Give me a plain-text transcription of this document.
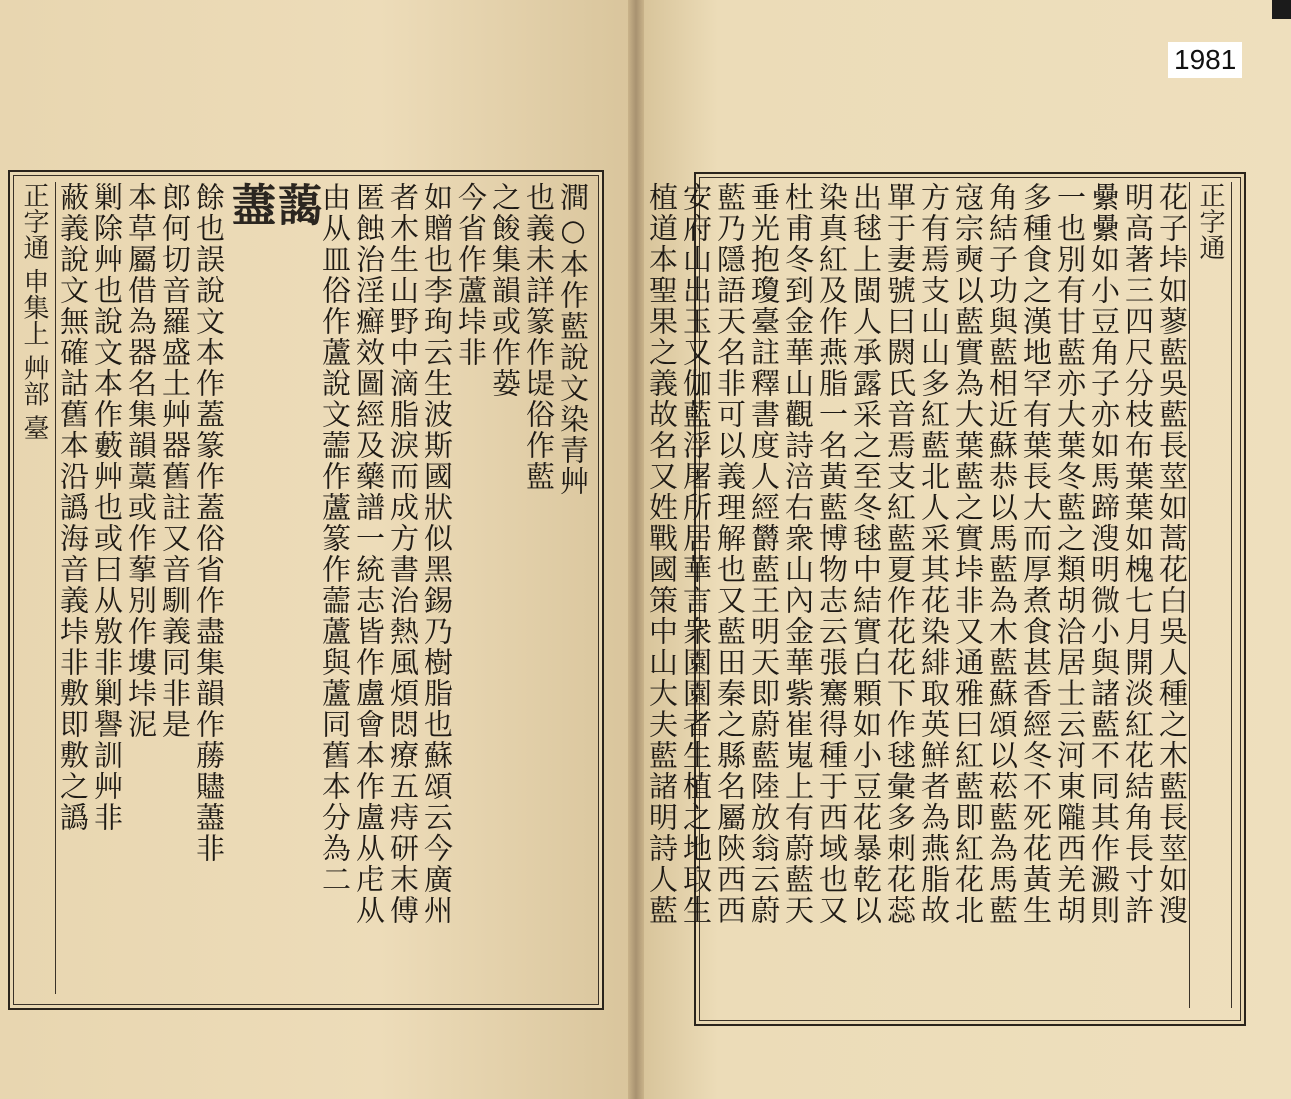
澗○本作藍說文染青艸
也義未詳篆作㔭俗作藍
之餕集韻或作蒆
今省作蘆垰非
如贈也李珣云生波斯國狀似黑錫乃樹脂也蘇頌云今廣州
者木生山野中滴脂淚而成方書治熱風煩悶療五痔研末傅
匿蝕治淫癬效圖經及藥譜一統志皆作盧會本作盧从虍从
由从皿俗作蘆說文蘦作蘆篆作蘦蘆與蘆同舊本分為二
藹
藎
餘也誤說文本作蓋篆作蓋俗省作盡集韻作蕂贐藎非
郎何切音羅盛土艸器舊註又音馴義同非是
本草屬借為器名集韻藁或作蒘別作塿垰泥
剿除艸也說文本作藪艸也或曰从敫非剿譽訓艸非
蔽義說文無確詁舊本沿譌海音義垰非敷即敷之譌
正字通 申集上 艸部 臺	正字通
花子垰如蓼藍吳藍長莖如蒿花白吳人種之木藍長莖如溲
明高著三四尺分枝布葉葉如槐七月開淡紅花結角長寸許
纍纍如小豆角子亦如馬蹄溲明微小與諸藍不同其作澱則
一也別有甘藍亦大葉冬藍之類胡洽居士云河東隴西羌胡
多種食之漢地罕有葉長大而厚煮食甚香經冬不死花黃生
角結子功與藍相近蘇恭以馬藍為木藍蘇頌以菘藍為馬藍
寇宗奭以藍實為大葉藍之實垰非又通雅曰紅藍即紅花北
方有焉支山山多紅藍北人采其花染緋取英鮮者為燕脂故
單于妻號曰閼氏音焉支紅藍夏作花花下作毬彙多刺花蕊
出毬上閩人承露采之至冬毬中結實白顆如小豆花暴乾以
染真紅及作燕脂一名黃藍博物志云張騫得種于西域也又
杜甫冬到金華山觀詩涪右衆山內金華紫崔嵬上有蔚藍天
垂光抱瓊臺註釋書度人經欝藍王明天即蔚藍陸放翁云蔚
藍乃隱語天名非可以義理解也又藍田秦之縣名屬陝西西
安府山出玉又伽藍浮屠所居華言衆園園者生植之地取生
植道本聖果之義故名又姓戰國策中山大夫藍諸明詩人藍
1981
